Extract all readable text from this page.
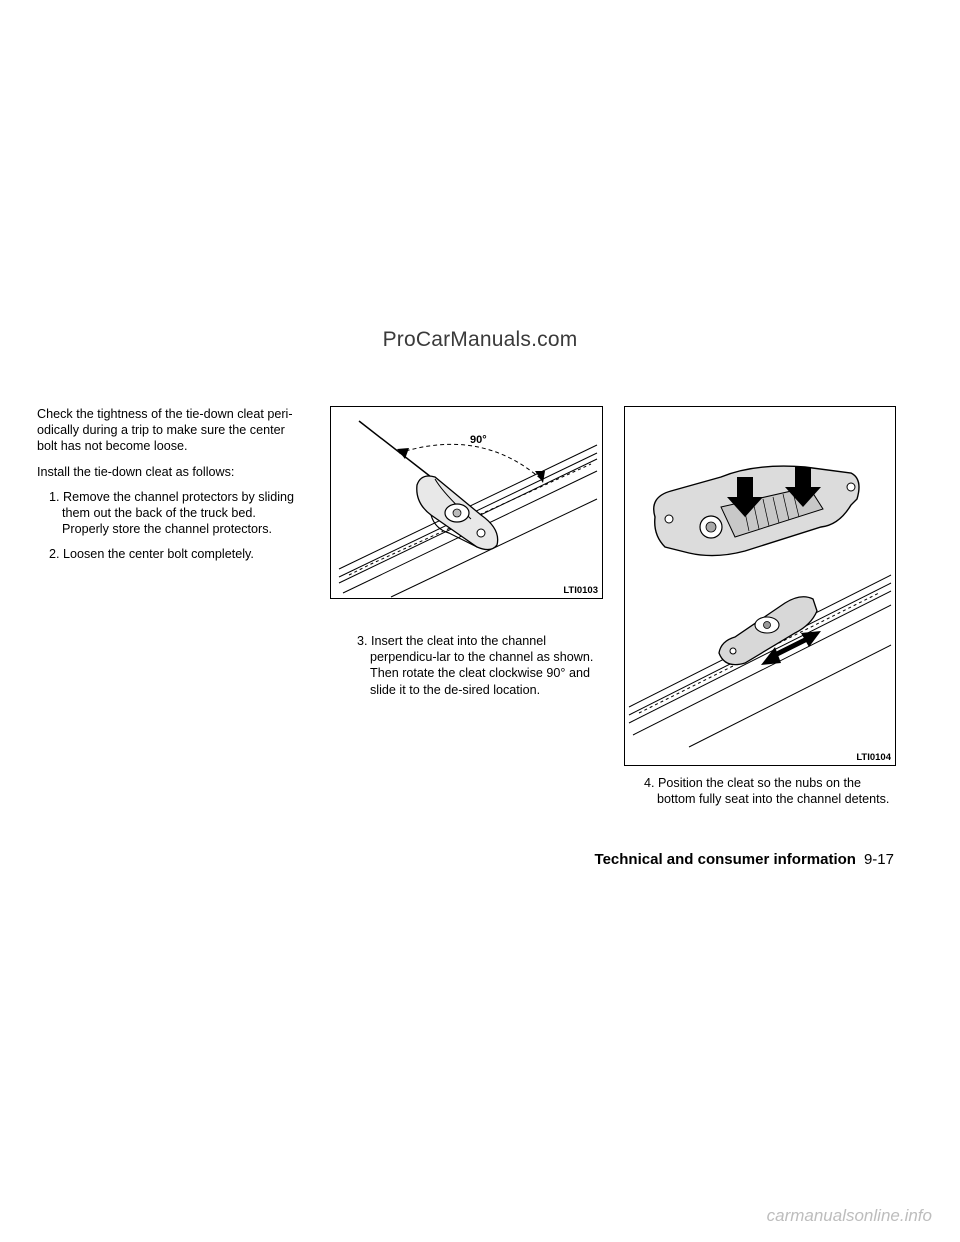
ProCarManuals.com

Check the tightness of the tie-down cleat peri-odically during a trip to make sure the center bolt has not become loose.

Install the tie-down cleat as follows:

1. Remove the channel protectors by sliding them out the back of the truck bed. Properly store the channel protectors.

2. Loosen the center bolt completely.

90°
LTI0103

3. Insert the cleat into the channel perpendicu-lar to the channel as shown. Then rotate the cleat clockwise 90° and slide it to the de-sired location.

LTI0104

4. Position the cleat so the nubs on the bottom fully seat into the channel detents.

Technical and consumer information 9-17
carmanualsonline.info
